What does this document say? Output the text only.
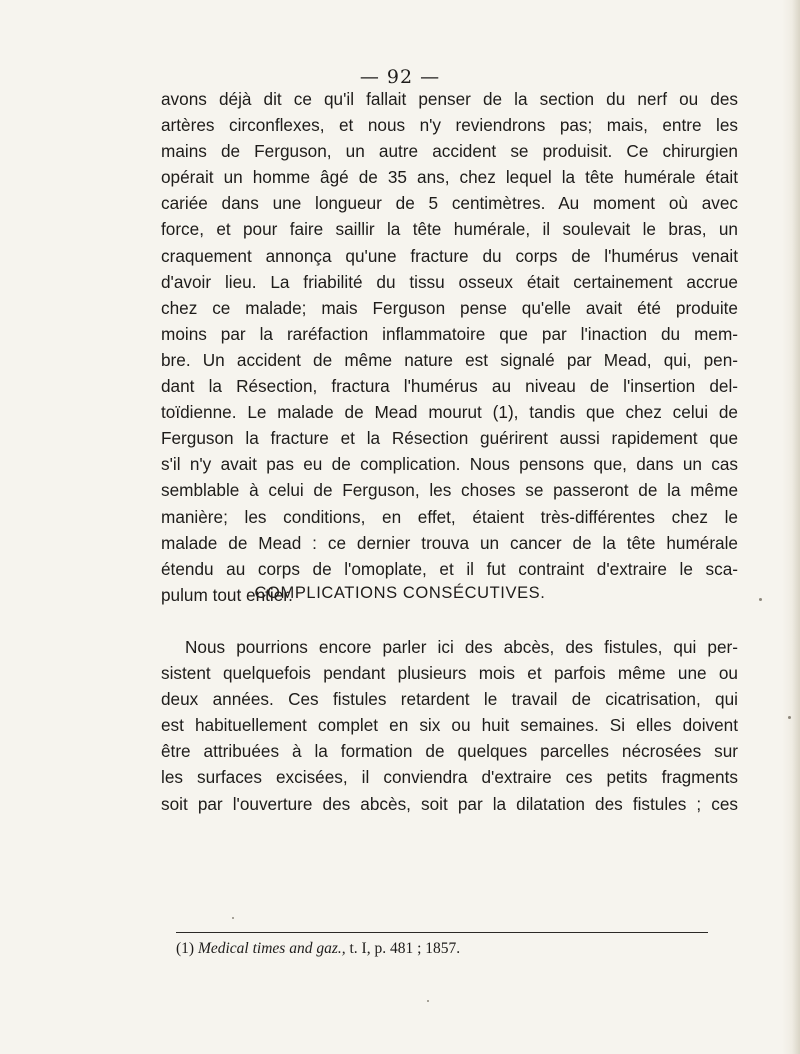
— 92 —
avons déjà dit ce qu'il fallait penser de la section du nerf ou des
artères circonflexes, et nous n'y reviendrons pas; mais, entre les
mains de Ferguson, un autre accident se produisit. Ce chirurgien
opérait un homme âgé de 35 ans, chez lequel la tête humérale était
cariée dans une longueur de 5 centimètres. Au moment où avec
force, et pour faire saillir la tête humérale, il soulevait le bras, un
craquement annonça qu'une fracture du corps de l'humérus venait
d'avoir lieu. La friabilité du tissu osseux était certainement accrue
chez ce malade; mais Ferguson pense qu'elle avait été produite
moins par la raréfaction inflammatoire que par l'inaction du mem-
bre. Un accident de même nature est signalé par Mead, qui, pen-
dant la Résection, fractura l'humérus au niveau de l'insertion del-
toïdienne. Le malade de Mead mourut (1), tandis que chez celui de
Ferguson la fracture et la Résection guérirent aussi rapidement que
s'il n'y avait pas eu de complication. Nous pensons que, dans un cas
semblable à celui de Ferguson, les choses se passeront de la même
manière; les conditions, en effet, étaient très-différentes chez le
malade de Mead : ce dernier trouva un cancer de la tête humérale
étendu au corps de l'omoplate, et il fut contraint d'extraire le sca-
pulum tout entier.
COMPLICATIONS CONSÉCUTIVES.
Nous pourrions encore parler ici des abcès, des fistules, qui per-
sistent quelquefois pendant plusieurs mois et parfois même une ou
deux années. Ces fistules retardent le travail de cicatrisation, qui
est habituellement complet en six ou huit semaines. Si elles doivent
être attribuées à la formation de quelques parcelles nécrosées sur
les surfaces excisées, il conviendra d'extraire ces petits fragments
soit par l'ouverture des abcès, soit par la dilatation des fistules ; ces
(1) Medical times and gaz., t. I, p. 481 ; 1857.
